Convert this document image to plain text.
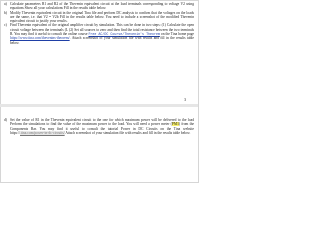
a) Calculate parameters R1 and R2 of the Thevenin equivalent circuit at the load terminals corresponding to voltage V2 using equations Show all your calculations Fill in the results table below.

b) Modify Thevenin equivalent circuit in the original Tina file and perform DC analysis to confirm that the voltages on the loads are the same, i.e. that V2 = V2b Fill in the results table below. You need to include a screenshot of the modified Thevenin equivalent circuit to justify your results.

c) Find Thevenin equivalent of the original amplifier circuit by simulation. This can be done in two steps: (1) Calculate the open circuit voltage between the terminals (L (2) Set all sources to zero and then find the total resistance between the two terminals R. You may find it useful to consult the online course Free AC/DC Course/Thevenin's Theorem on the Tina home page https://www.tina.com/thevenins-theorem/. Attach screenshot of your simulation file with results and fill in the results table below.

3
d) Set the value of R1 in the Thevenin equivalent circuit to the one for which maximum power will be delivered to the load Perform the simulations to find the value of the maximum power to the load. You will need a power meter (PM1) from the Components Bar. You may find it useful to consult the tutorial Power in DC Circuits on the Tina website https://.tina.com/power-in-dc-circuits/ Attach screenshot of your simulation file with results and fill in the results table below.
